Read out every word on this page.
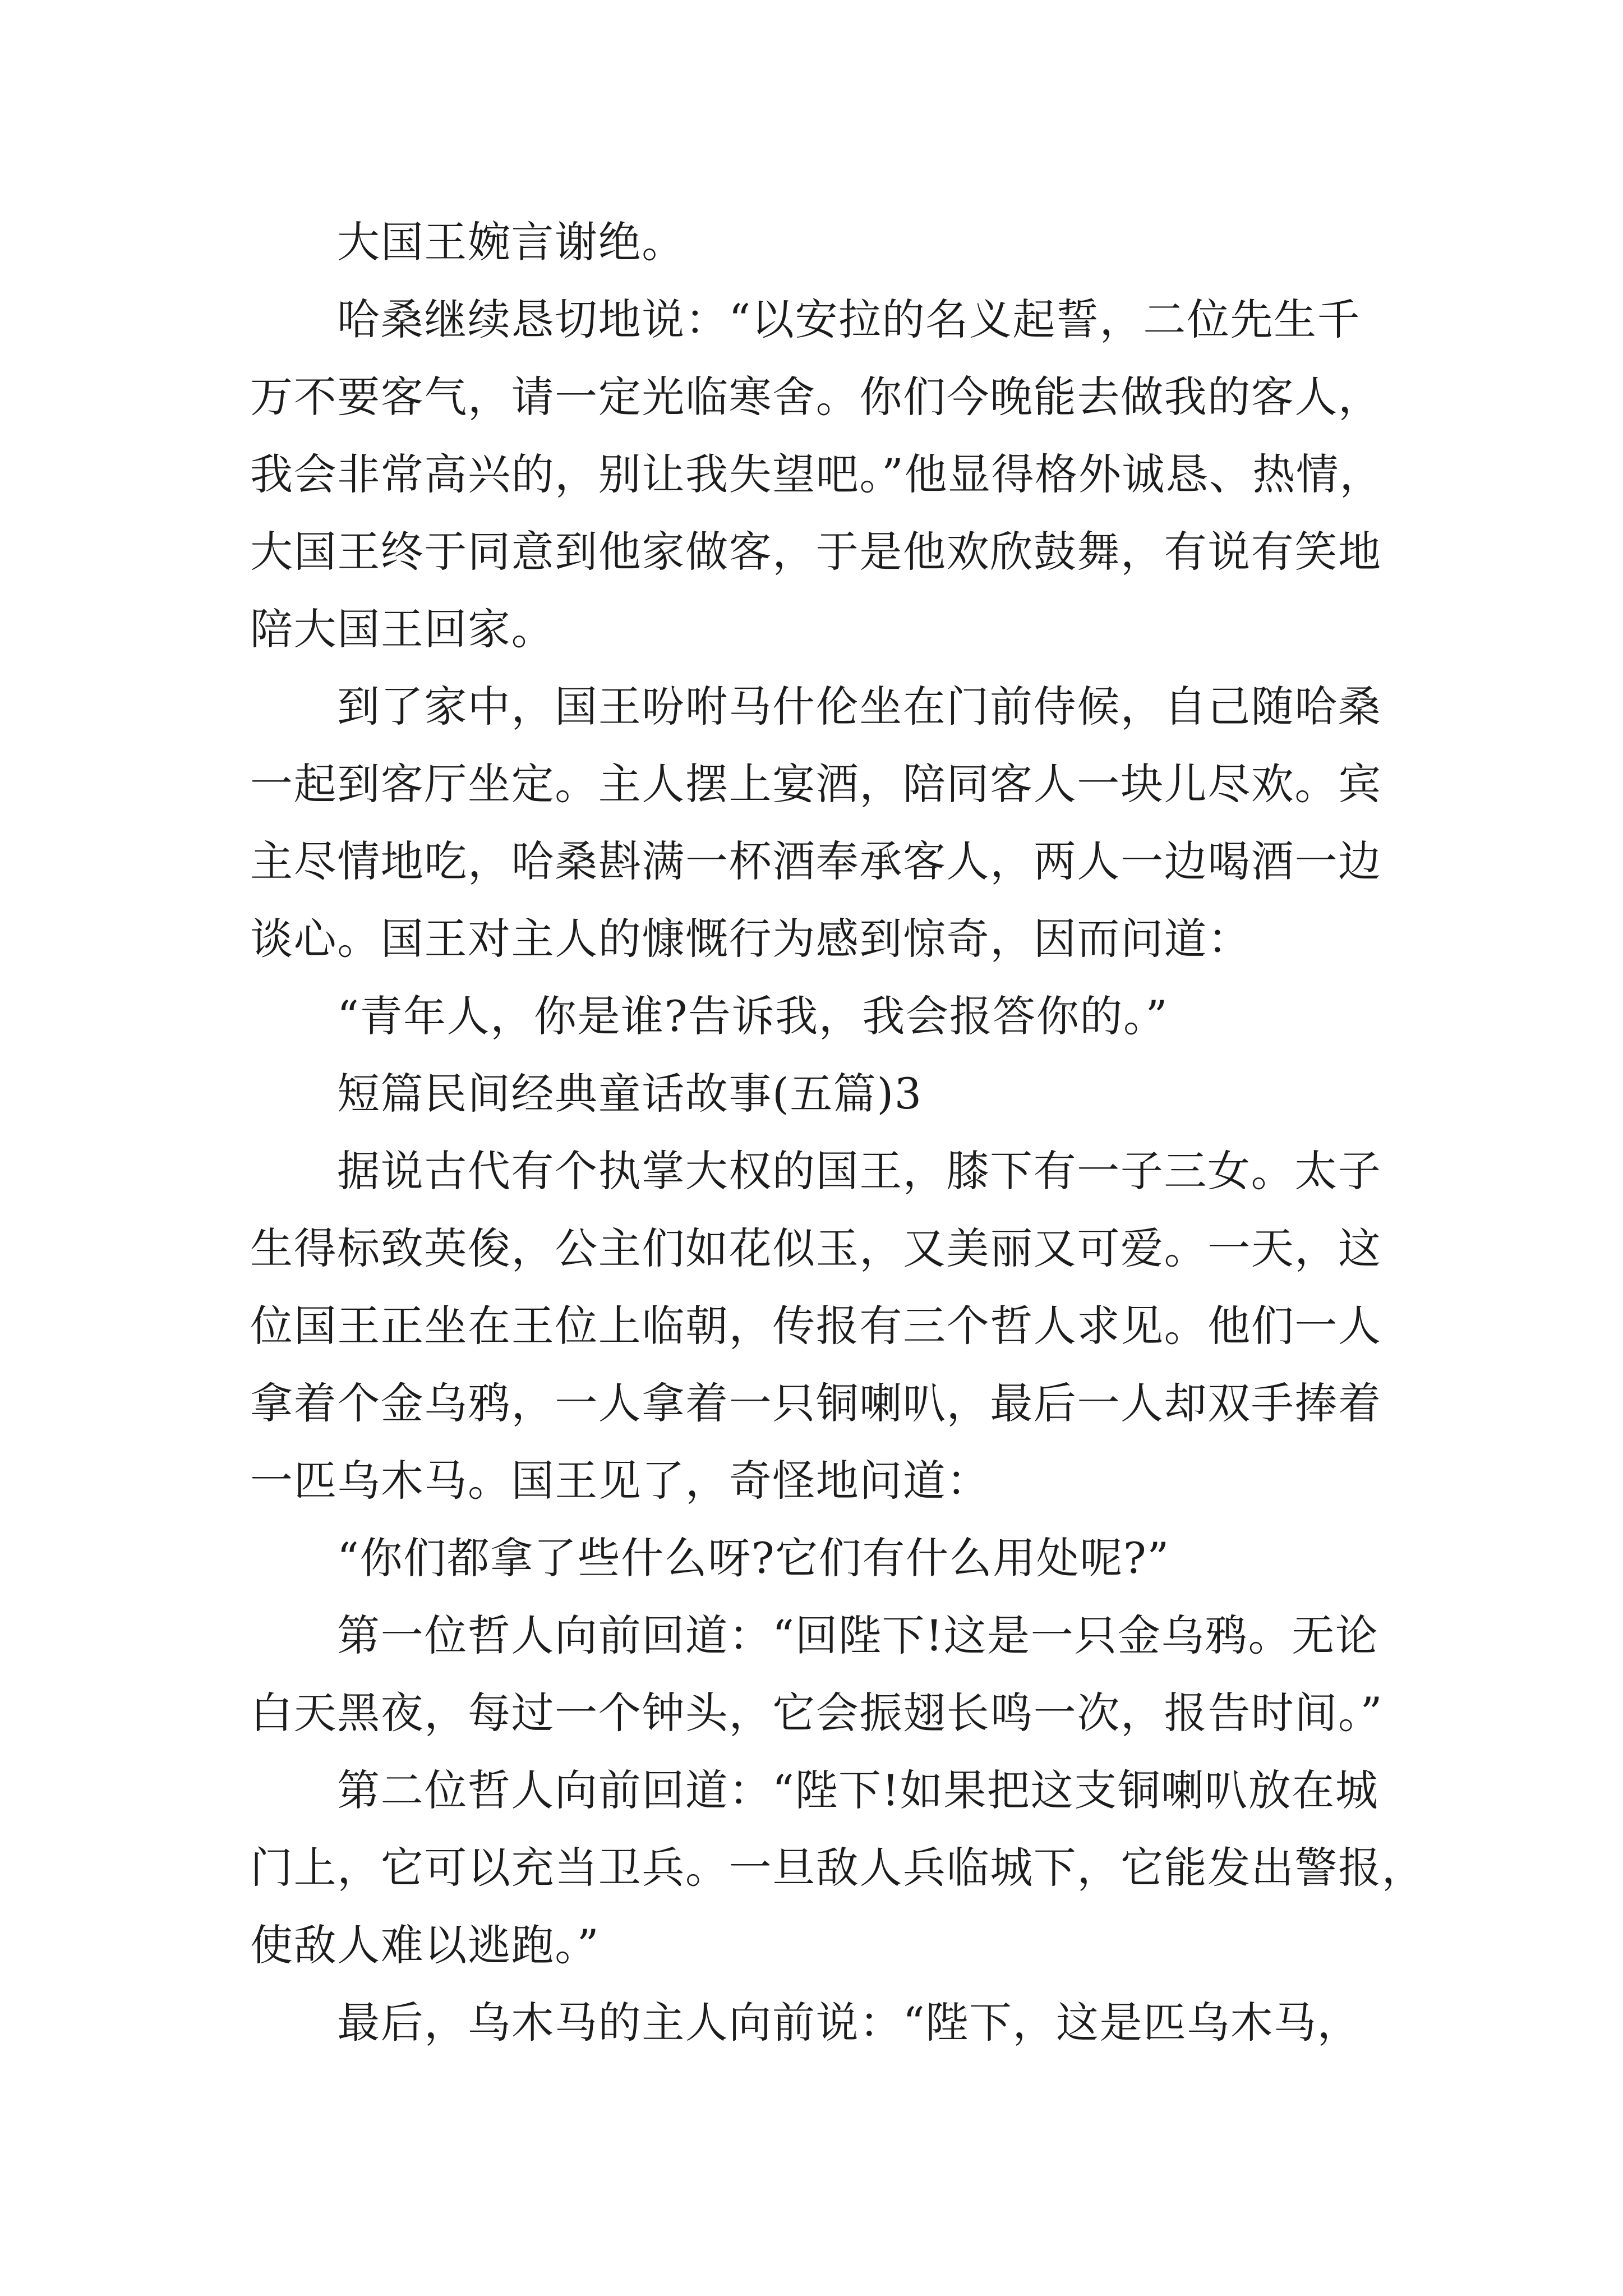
大国王婉言谢绝。
哈桑继续恳切地说：“以安拉的名义起誓，二位先生千
万不要客气，请一定光临寒舍。你们今晚能去做我的客人，
我会非常高兴的，别让我失望吧。”他显得格外诚恳、热情，
大国王终于同意到他家做客，于是他欢欣鼓舞，有说有笑地
陪大国王回家。
到了家中，国王吩咐马什伦坐在门前侍候，自己随哈桑
一起到客厅坐定。主人摆上宴酒，陪同客人一块儿尽欢。宾
主尽情地吃，哈桑斟满一杯酒奉承客人，两人一边喝酒一边
谈心。国王对主人的慷慨行为感到惊奇，因而问道：
“青年人，你是谁?告诉我，我会报答你的。”
短篇民间经典童话故事(五篇)3
据说古代有个执掌大权的国王，膝下有一子三女。太子
生得标致英俊，公主们如花似玉，又美丽又可爱。一天，这
位国王正坐在王位上临朝，传报有三个哲人求见。他们一人
拿着个金乌鸦，一人拿着一只铜喇叭，最后一人却双手捧着
一匹乌木马。国王见了，奇怪地问道：
“你们都拿了些什么呀?它们有什么用处呢?”
第一位哲人向前回道：“回陛下!这是一只金乌鸦。无论
白天黑夜，每过一个钟头，它会振翅长鸣一次，报告时间。”
第二位哲人向前回道：“陛下!如果把这支铜喇叭放在城
门上，它可以充当卫兵。一旦敌人兵临城下，它能发出警报，
使敌人难以逃跑。”
最后，乌木马的主人向前说：“陛下，这是匹乌木马，
